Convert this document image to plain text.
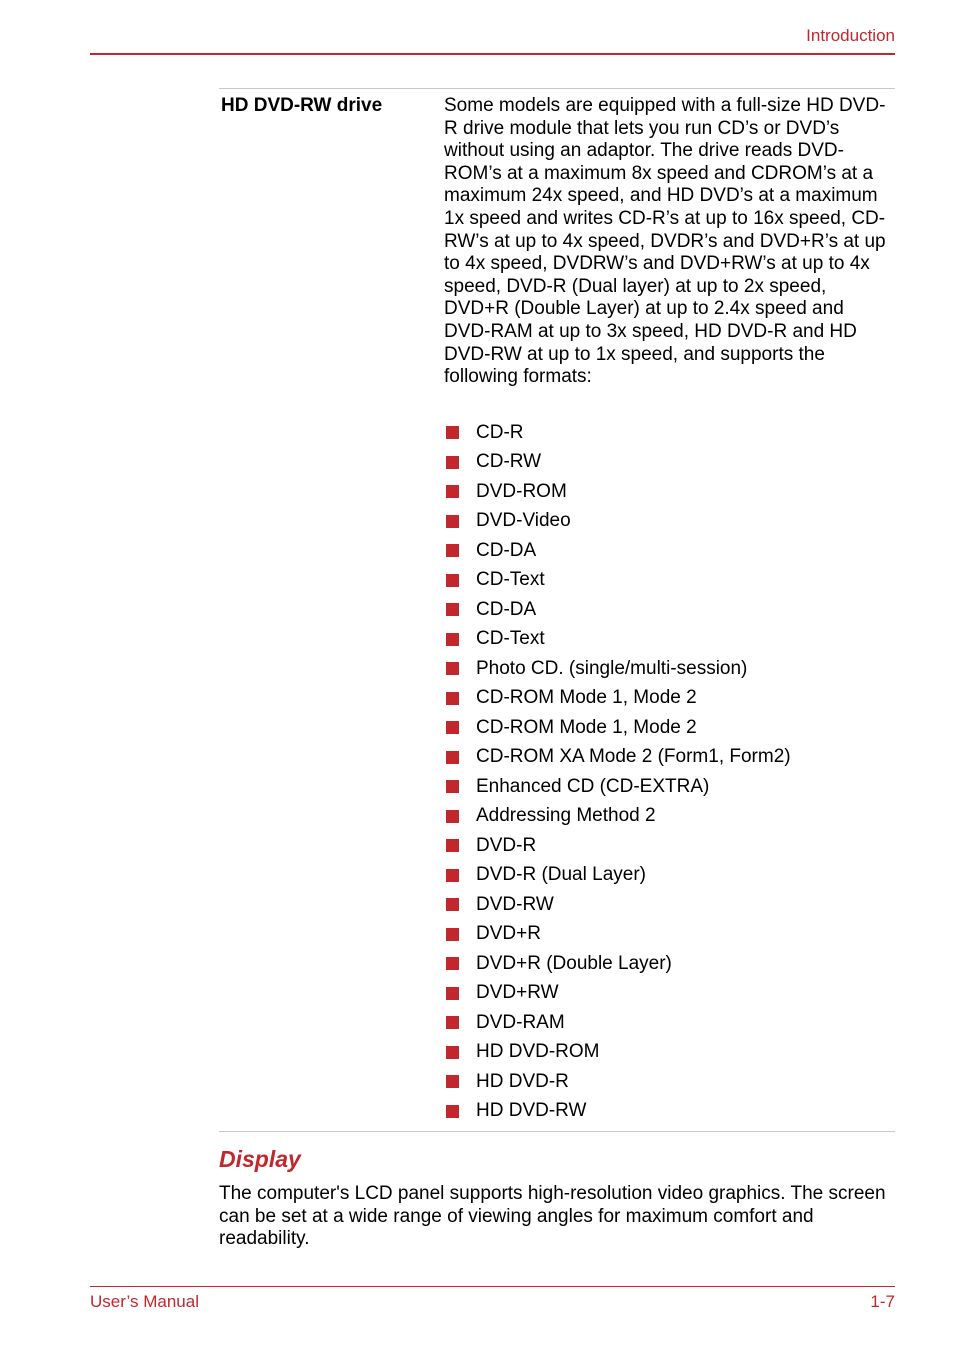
Introduction
HD DVD-RW drive	Some models are equipped with a full-size HD DVD-R drive module that lets you run CD’s or DVD’s without using an adaptor. The drive reads DVD-ROM’s at a maximum 8x speed and CDROM’s at a maximum 24x speed, and HD DVD’s at a maximum 1x speed and writes CD-R’s at up to 16x speed, CD-RW’s at up to 4x speed, DVDR’s and DVD+R’s at up to 4x speed, DVDRW’s and DVD+RW’s at up to 4x speed, DVD-R (Dual layer) at up to 2x speed, DVD+R (Double Layer) at up to 2.4x speed and DVD-RAM at up to 3x speed, HD DVD-R and HD DVD-RW at up to 1x speed, and supports the following formats:
CD-R
CD-RW
DVD-ROM
DVD-Video
CD-DA
CD-Text
CD-DA
CD-Text
Photo CD. (single/multi-session)
CD-ROM Mode 1, Mode 2
CD-ROM Mode 1, Mode 2
CD-ROM XA Mode 2 (Form1, Form2)
Enhanced CD (CD-EXTRA)
Addressing Method 2
DVD-R
DVD-R (Dual Layer)
DVD-RW
DVD+R
DVD+R (Double Layer)
DVD+RW
DVD-RAM
HD DVD-ROM
HD DVD-R
HD DVD-RW
Display
The computer's LCD panel supports high-resolution video graphics. The screen can be set at a wide range of viewing angles for maximum comfort and readability.
User’s Manual	1-7
